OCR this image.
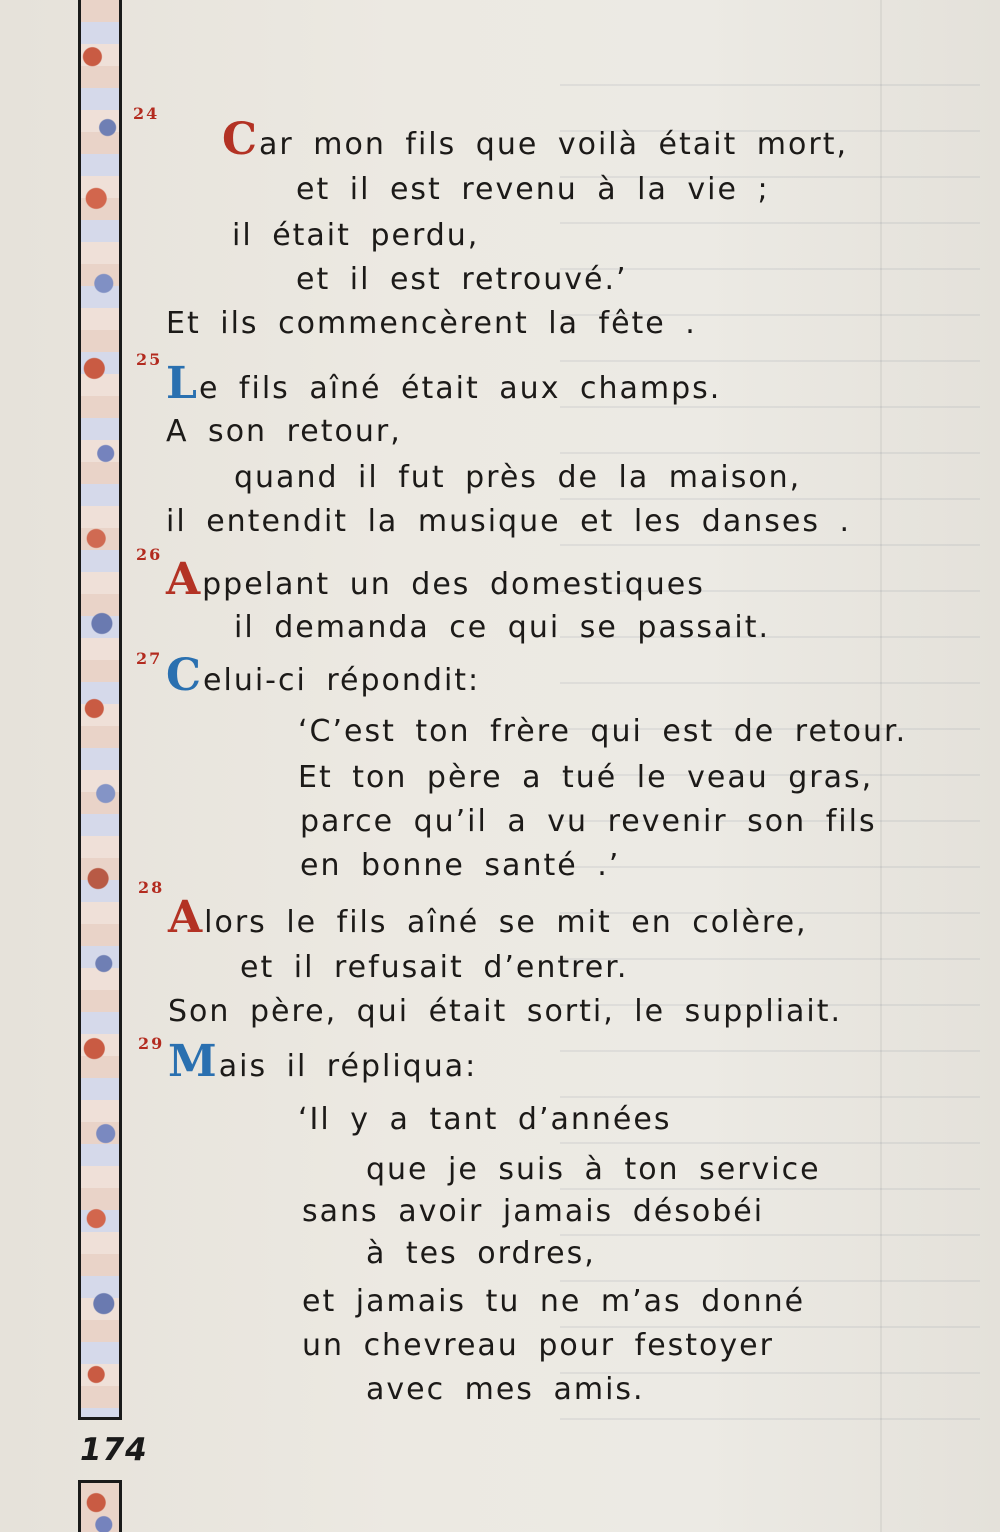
174
24
Car mon fils que voilà était mort,
et il est revenu à la vie ;
il était perdu,
et il est retrouvé.’
Et ils commencèrent la fête .
25 Le fils aîné était aux champs.
A son retour,
quand il fut près de la maison,
il entendit la musique et les danses .
26 Appelant un des domestiques
il demanda ce qui se passait.
27 Celui-ci répondit:
‘C’est ton frère qui est de retour.
Et ton père a tué le veau gras,
parce qu’il a vu revenir son fils
en bonne santé .’
28
Alors le fils aîné se mit en colère,
et il refusait d’entrer.
Son père, qui était sorti, le suppliait.
29 Mais il répliqua:
‘Il y a tant d’années
que je suis à ton service
sans avoir jamais désobéi
à tes ordres,
et jamais tu ne m’as donné
un chevreau pour festoyer
avec mes amis.
